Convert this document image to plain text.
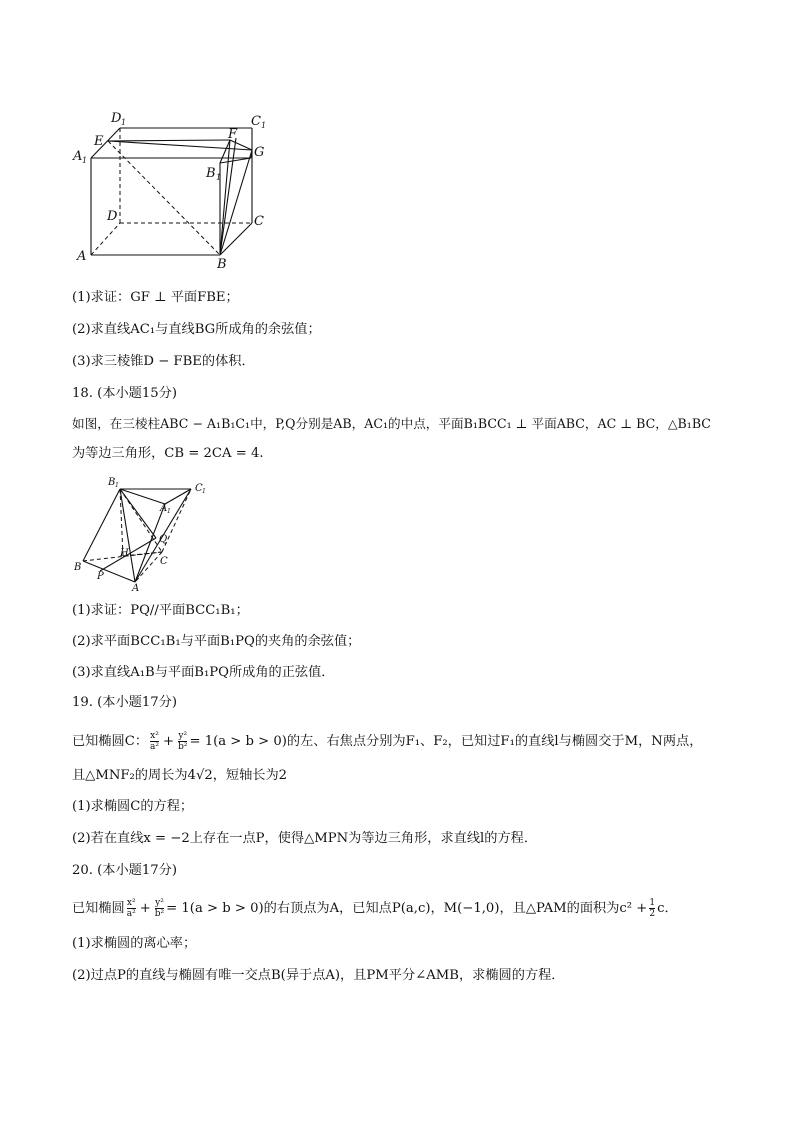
D 1	C 1
E	F
G
A 1
B 1
D	C
A
B
(1)求证：GF ⊥ 平面FBE；
(2)求直线AC₁与直线BG所成角的余弦值；
(3)求三棱锥D − FBE的体积．
18. (本小题15分)
如图，在三棱柱ABC − A₁B₁C₁中，P,Q分别是AB，AC₁的中点，平面B₁BCC₁ ⊥ 平面ABC，AC ⊥ BC，△B₁BC
为等边三角形，CB = 2CA = 4.
B 1	C 1
A 1
Q
H
C
B
P
A
(1)求证：PQ//平面BCC₁B₁；
(2)求平面BCC₁B₁与平面B₁PQ的夹角的余弦值；
(3)求直线A₁B与平面B₁PQ所成角的正弦值．
19. (本小题17分)
已知椭圆C： $\frac{\text{x²}}{\text{a²}} + \frac{\text{y²}}{\text{b²}} = 1(a > b > 0)$的左、右焦点分别为F₁、F₂，已知过F₁的直线l与椭圆交于M，N两点，
且△MNF₂的周长为4√2，短轴长为2
(1)求椭圆C的方程；
(2)若在直线x = −2上存在一点P，使得△MPN为等边三角形，求直线l的方程．
20. (本小题17分)
已知椭圆 $\frac{\text{x²}}{\text{a²}} + \frac{\text{y²}}{\text{b²}} = 1(a > b > 0)$的右顶点为A，已知点P(a,c)，M(−1,0)，且△PAM的面积为$c^2 + \frac{1}{2}$ c．
(1)求椭圆的离心率；
(2)过点P的直线与椭圆有唯一交点B(异于点A)，且PM平分∠AMB，求椭圆的方程．
